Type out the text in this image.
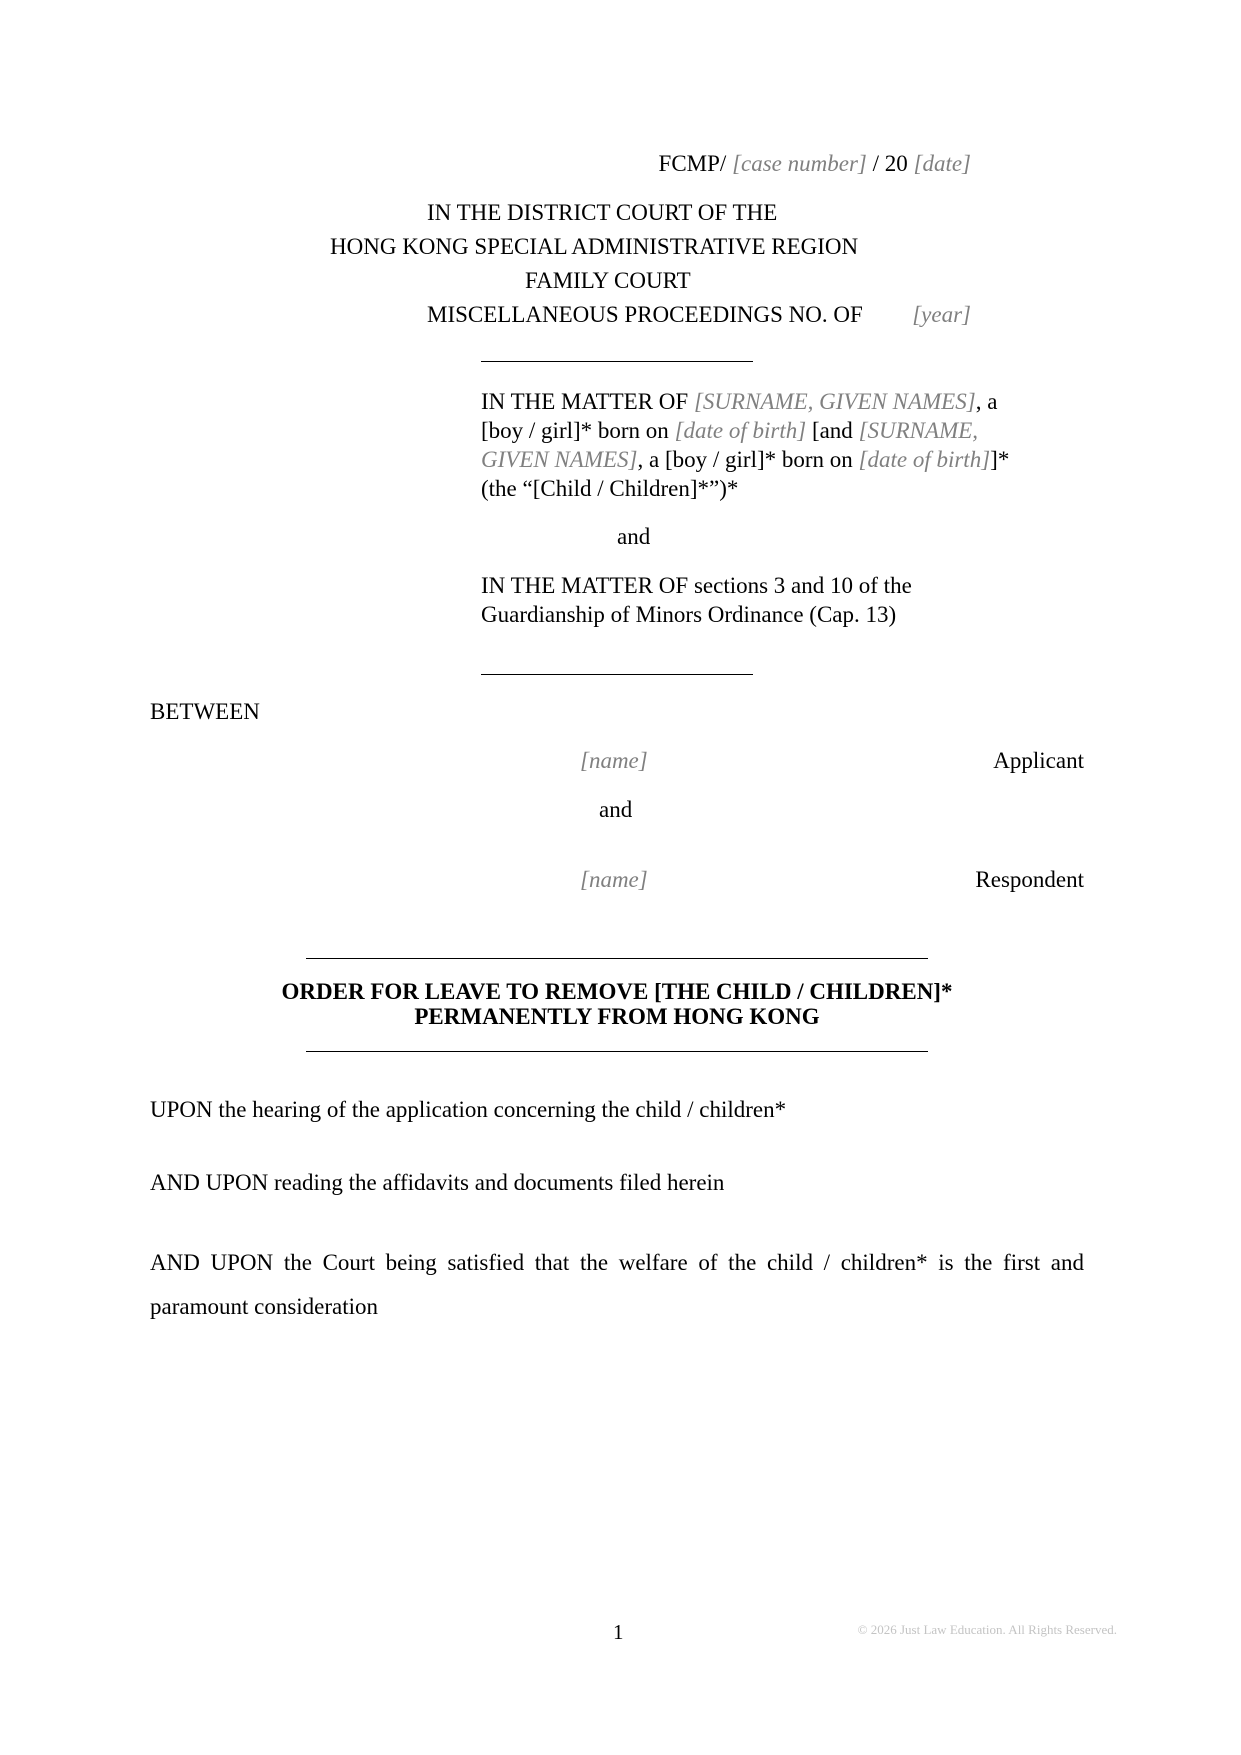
FCMP/ [case number] / 20 [date]
IN THE DISTRICT COURT OF THE
HONG KONG SPECIAL ADMINISTRATIVE REGION
FAMILY COURT
MISCELLANEOUS PROCEEDINGS NO. OF [year]
IN THE MATTER OF [SURNAME, GIVEN NAMES], a
[boy / girl]* born on [date of birth] [and [SURNAME,
GIVEN NAMES], a [boy / girl]* born on [date of birth]]*
(the “[Child / Children]*”)*
and
IN THE MATTER OF sections 3 and 10 of the
Guardianship of Minors Ordinance (Cap. 13)
BETWEEN
[name]	Applicant
and
[name]	Respondent
ORDER FOR LEAVE TO REMOVE [THE CHILD / CHILDREN]*
PERMANENTLY FROM HONG KONG
UPON the hearing of the application concerning the child / children*
AND UPON reading the affidavits and documents filed herein
AND UPON the Court being satisfied that the welfare of the child / children* is the first and
paramount consideration
1	© 2026 Just Law Education. All Rights Reserved.
